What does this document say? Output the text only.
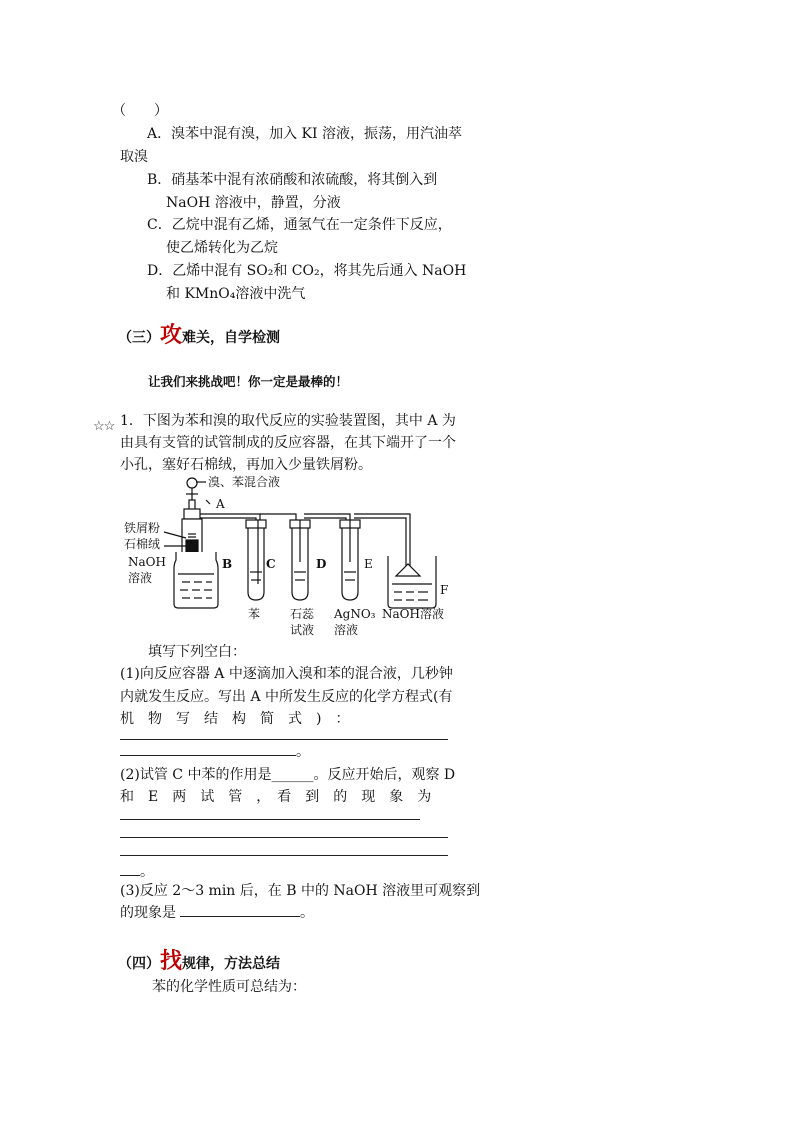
（　　）
A．溴苯中混有溴，加入 KI 溶液，振荡，用汽油萃
取溴
B．硝基苯中混有浓硝酸和浓硫酸，将其倒入到
NaOH 溶液中，静置，分液
C．乙烷中混有乙烯，通氢气在一定条件下反应，
使乙烯转化为乙烷
D．乙烯中混有 SO₂和 CO₂，将其先后通入 NaOH
和 KMnO₄溶液中洗气
（三）攻难关，自学检测
让我们来挑战吧！你一定是最棒的！
☆☆ 1．下图为苯和溴的取代反应的实验装置图，其中 A 为
由具有支管的试管制成的反应容器，在其下端开了一个
小孔，塞好石棉绒，再加入少量铁屑粉。
溴、苯混合液
A
铁屑粉
石棉绒
NaOH
溶液
B	C	D	E
F
苯 石蕊
试液
AgNO₃
溶液
NaOH溶液
填写下列空白：
(1)向反应容器 A 中逐滴加入溴和苯的混合液，几秒钟
内就发生反应。写出 A 中所发生反应的化学方程式(有
机　物　写　结　构　简　式　)　：
。
(2)试管 C 中苯的作用是______。反应开始后，观察 D
和　E　两　试　管　，　看　到　的　现　象　为
。
(3)反应 2～3 min 后，在 B 中的 NaOH 溶液里可观察到
的现象是	。
（四）找规律，方法总结
苯的化学性质可总结为：
